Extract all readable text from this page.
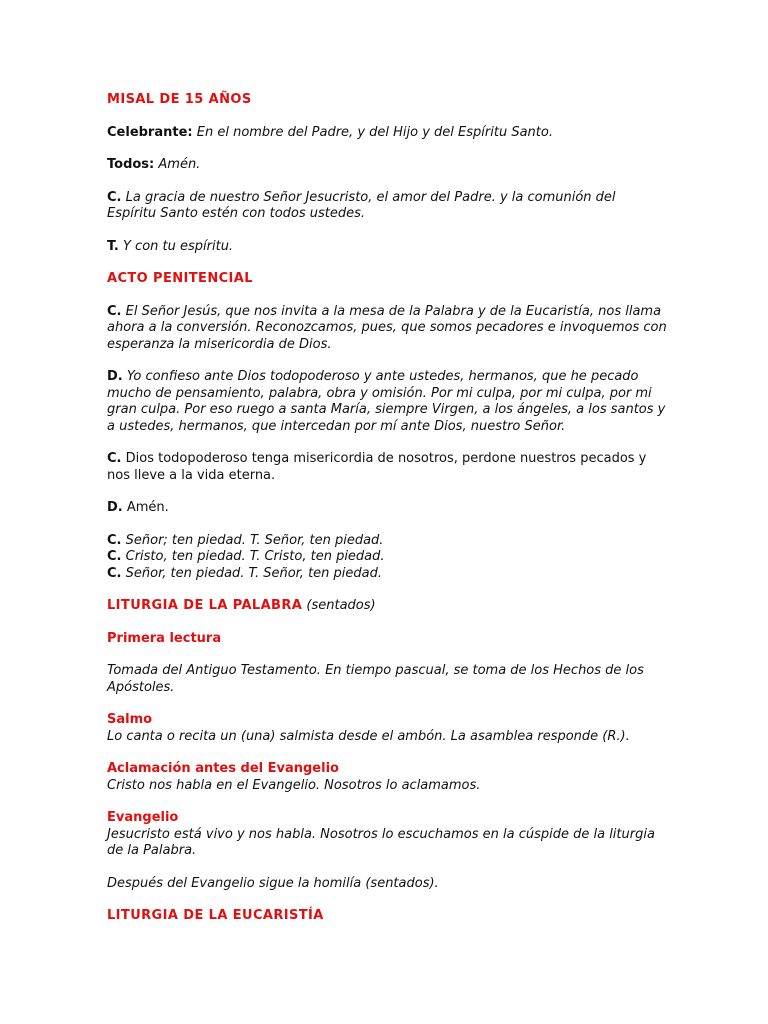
MISAL DE 15 AÑOS

Celebrante: En el nombre del Padre, y del Hijo y del Espíritu Santo.

Todos: Amén.

C. La gracia de nuestro Señor Jesucristo, el amor del Padre. y la comunión del Espíritu Santo estén con todos ustedes.

T. Y con tu espíritu.

ACTO PENITENCIAL

C. El Señor Jesús, que nos invita a la mesa de la Palabra y de la Eucaristía, nos llama ahora a la conversión. Reconozcamos, pues, que somos pecadores e invoquemos con esperanza la misericordia de Dios.

D. Yo confieso ante Dios todopoderoso y ante ustedes, hermanos, que he pecado mucho de pensamiento, palabra, obra y omisión. Por mi culpa, por mi culpa, por mi gran culpa. Por eso ruego a santa María, siempre Virgen, a los ángeles, a los santos y a ustedes, hermanos, que intercedan por mí ante Dios, nuestro Señor.

C. Dios todopoderoso tenga misericordia de nosotros, perdone nuestros pecados y nos lleve a la vida eterna.

D. Amén.

C. Señor; ten piedad. T. Señor, ten piedad.

C. Cristo, ten piedad. T. Cristo, ten piedad.

C. Señor, ten piedad. T. Señor, ten piedad.

LITURGIA DE LA PALABRA (sentados)

Primera lectura

Tomada del Antiguo Testamento. En tiempo pascual, se toma de los Hechos de los Apóstoles.

Salmo

Lo canta o recita un (una) salmista desde el ambón. La asamblea responde (R.).

Aclamación antes del Evangelio

Cristo nos habla en el Evangelio. Nosotros lo aclamamos.

Evangelio

Jesucristo está vivo y nos habla. Nosotros lo escuchamos en la cúspide de la liturgia de la Palabra.

Después del Evangelio sigue la homilía (sentados).

LITURGIA DE LA EUCARISTÍA
